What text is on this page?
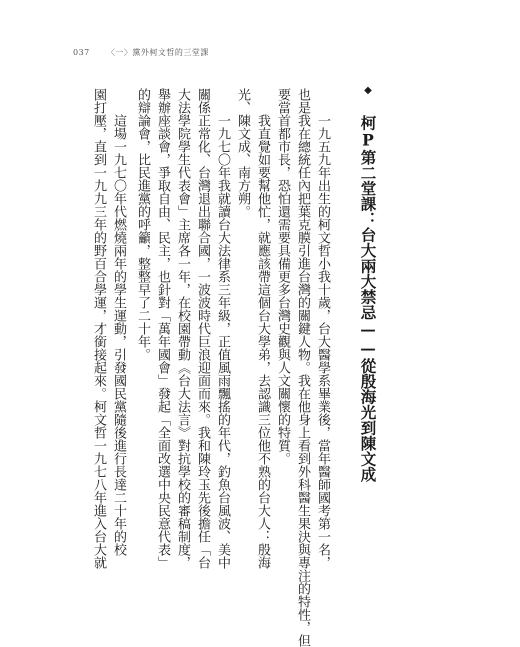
037 〈一〉黨外柯文哲的三堂課
◆ 柯P第二堂課：台大兩大禁忌——從殷海光到陳文成
一九五九年出生的柯文哲小我十歲，台大醫學系畢業後，當年醫師國考第一名，
也是我在總統任內把葉克膜引進台灣的關鍵人物。我在他身上看到外科醫生果決與專注的特性，但
要當首都市長，恐怕還需要具備更多台灣史觀與人文關懷的特質。
我直覺如要幫他忙，就應該帶這個台大學弟，去認識三位他不熟的台大人：殷海
光、陳文成、南方朔。
一九七〇年我就讀台大法律系三年級，正值風雨飄搖的年代，釣魚台風波、美中
關係正常化、台灣退出聯合國，一波波時代巨浪迎面而來。我和陳玲玉先後擔任「台
大法學院學生代表會」主席各一年，在校園帶動《台大法言》對抗學校的審稿制度，
舉辦座談會，爭取自由、民主，也針對「萬年國會」發起「全面改選中央民意代表」
的辯論會，比民進黨的呼籲，整整早了二十年。
這場一九七〇年代燃燒兩年的學生運動，引發國民黨隨後進行長達二十年的校
園打壓，直到一九九三年的野百合學運，才銜接起來。柯文哲一九七八年進入台大就
